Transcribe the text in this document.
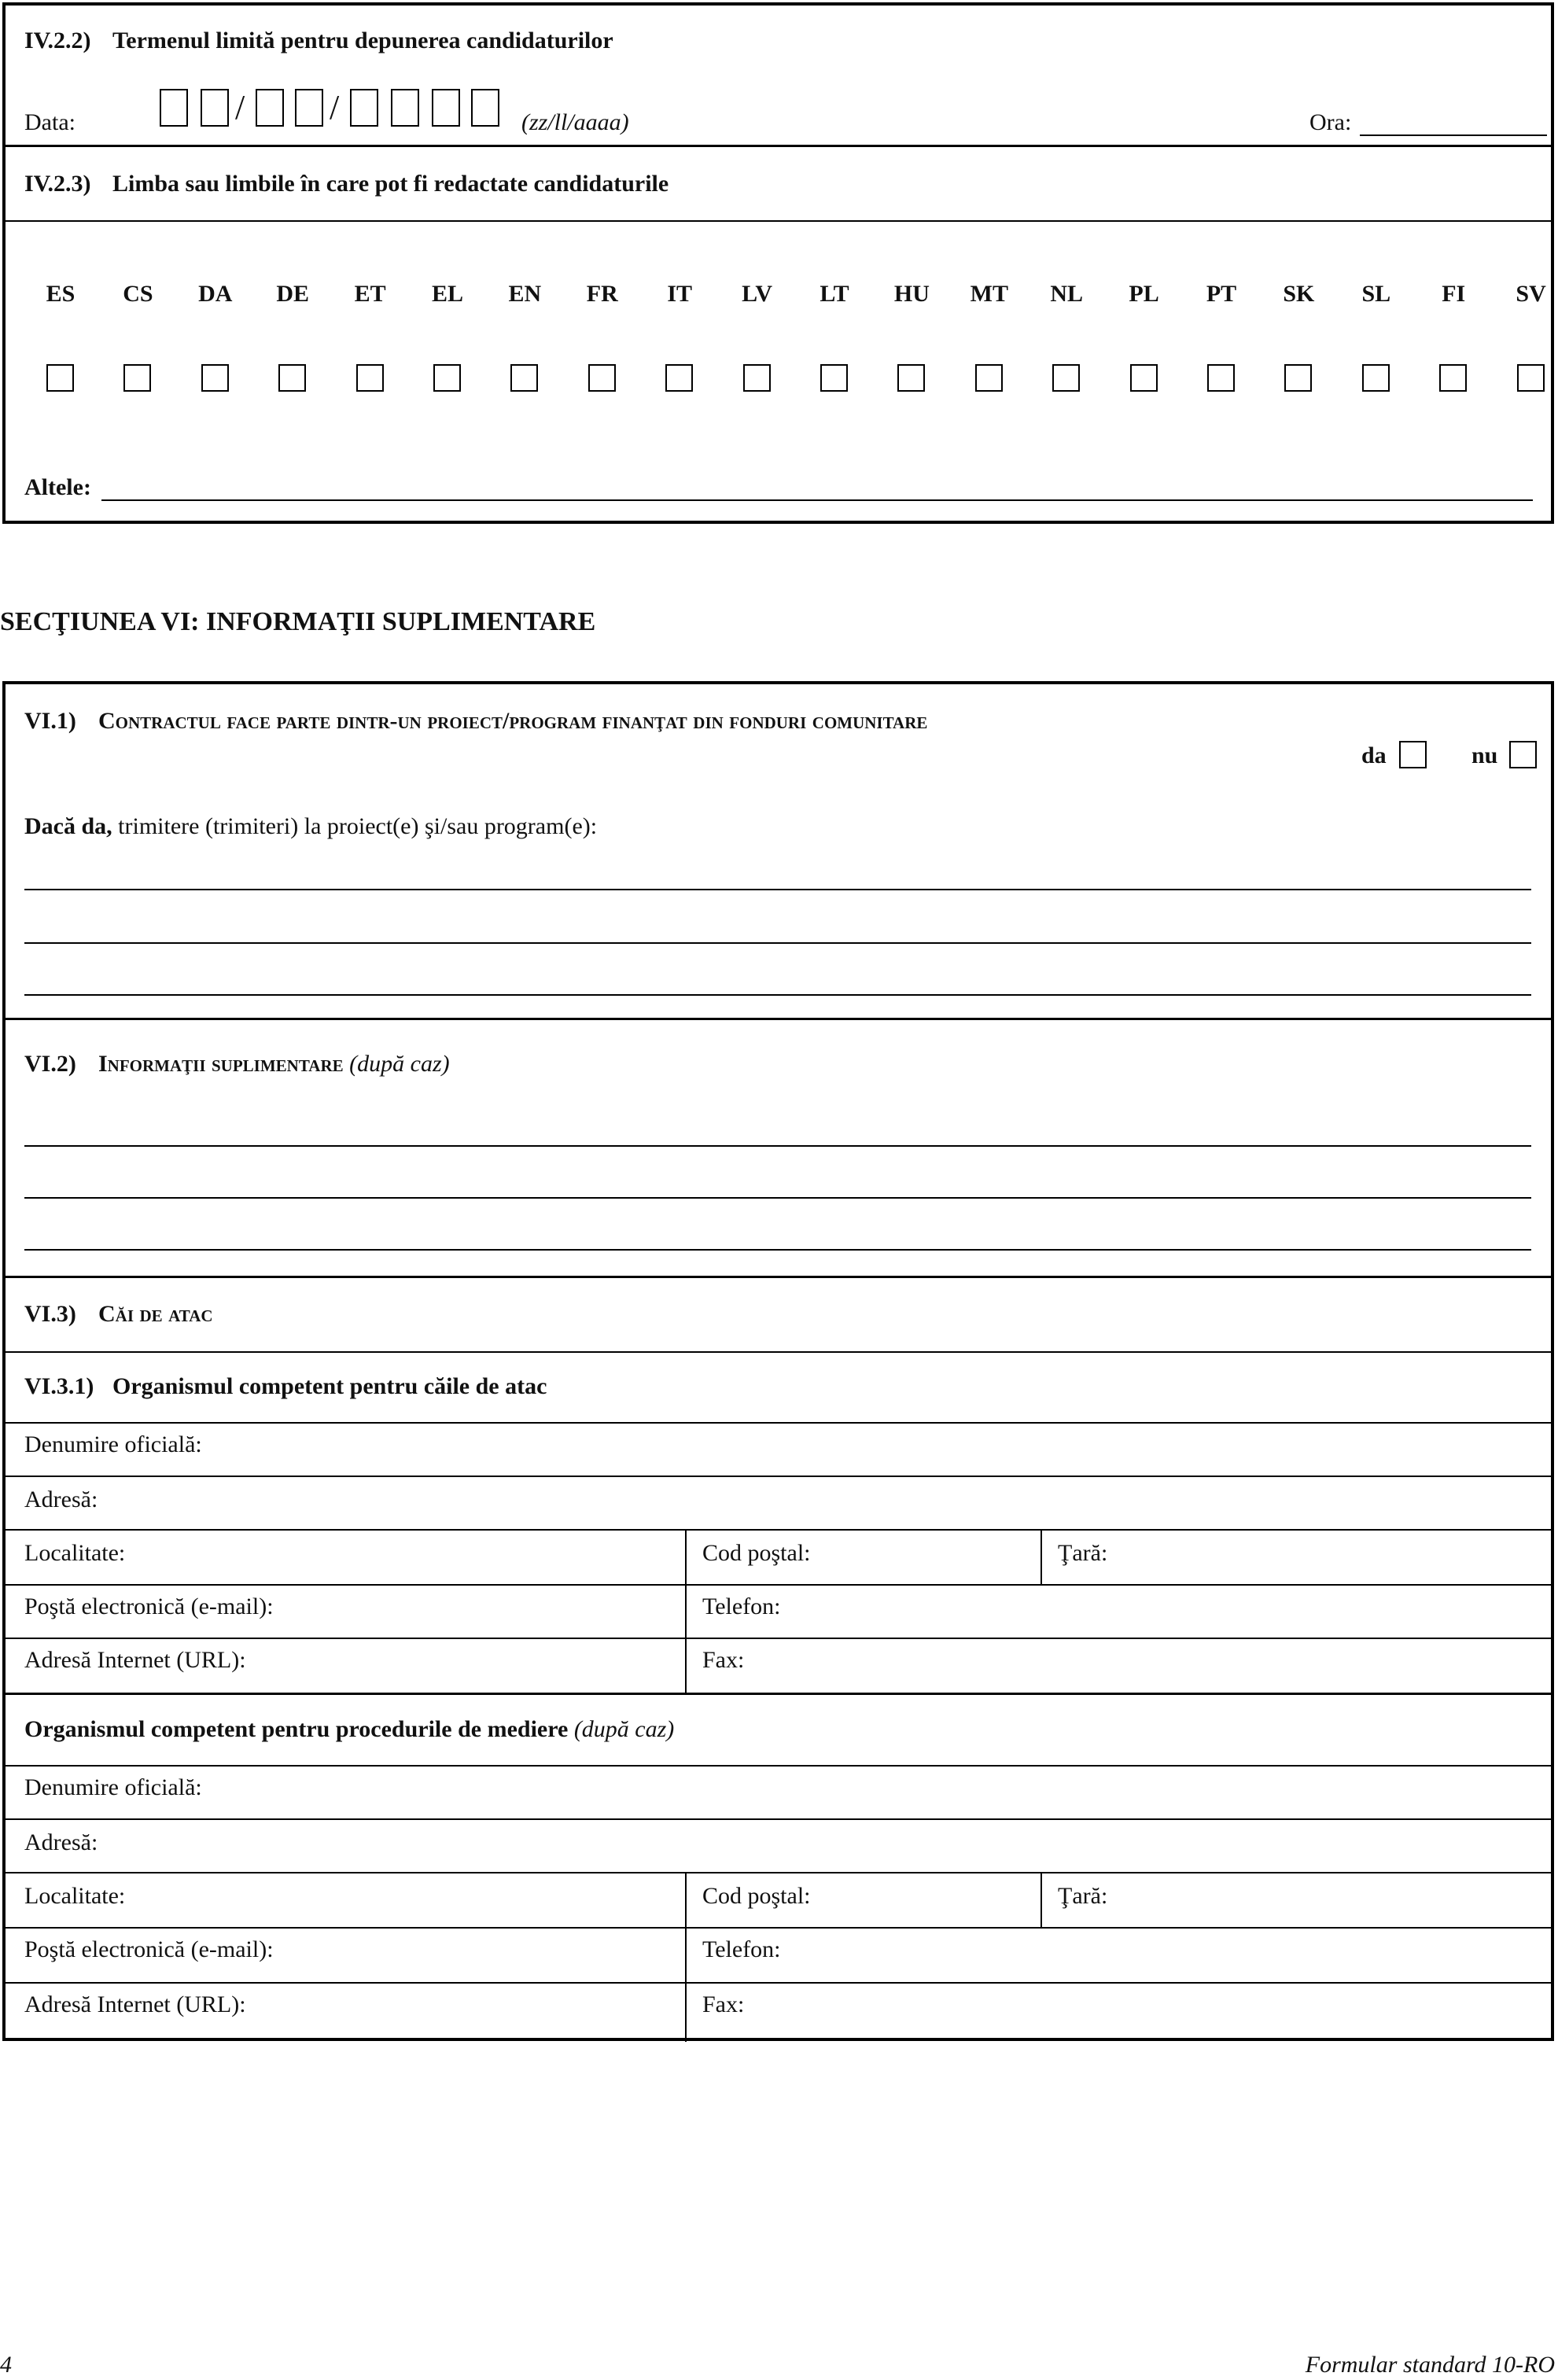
IV.2.2) Termenul limită pentru depunerea candidaturilor
Data:	/ /	(zz/ll/aaaa)	Ora:
IV.2.3) Limba sau limbile în care pot fi redactate candidaturile
ES	CS	DA	DE	ET	EL	EN	FR	IT	LV	LT	HU	MT	NL	PL	PT	SK	SL	FI	SV
Altele:
SECŢIUNEA VI: INFORMAŢII SUPLIMENTARE
VI.1) Contractul face parte dintr-un proiect/program finanţat din fonduri comunitare
da	nu
Dacă da, trimitere (trimiteri) la proiect(e) şi/sau program(e):
VI.2) Informaţii suplimentare (după caz)
VI.3) Căi de atac
VI.3.1) Organismul competent pentru căile de atac
Denumire oficială:
Adresă:
Localitate:	Cod poştal:	Ţară:
Poştă electronică (e-mail):	Telefon:
Adresă Internet (URL):	Fax:
Organismul competent pentru procedurile de mediere (după caz)
Denumire oficială:
Adresă:
Localitate:	Cod poştal:	Ţară:
Poştă electronică (e-mail):	Telefon:
Adresă Internet (URL):	Fax:
4	Formular standard 10-RO
